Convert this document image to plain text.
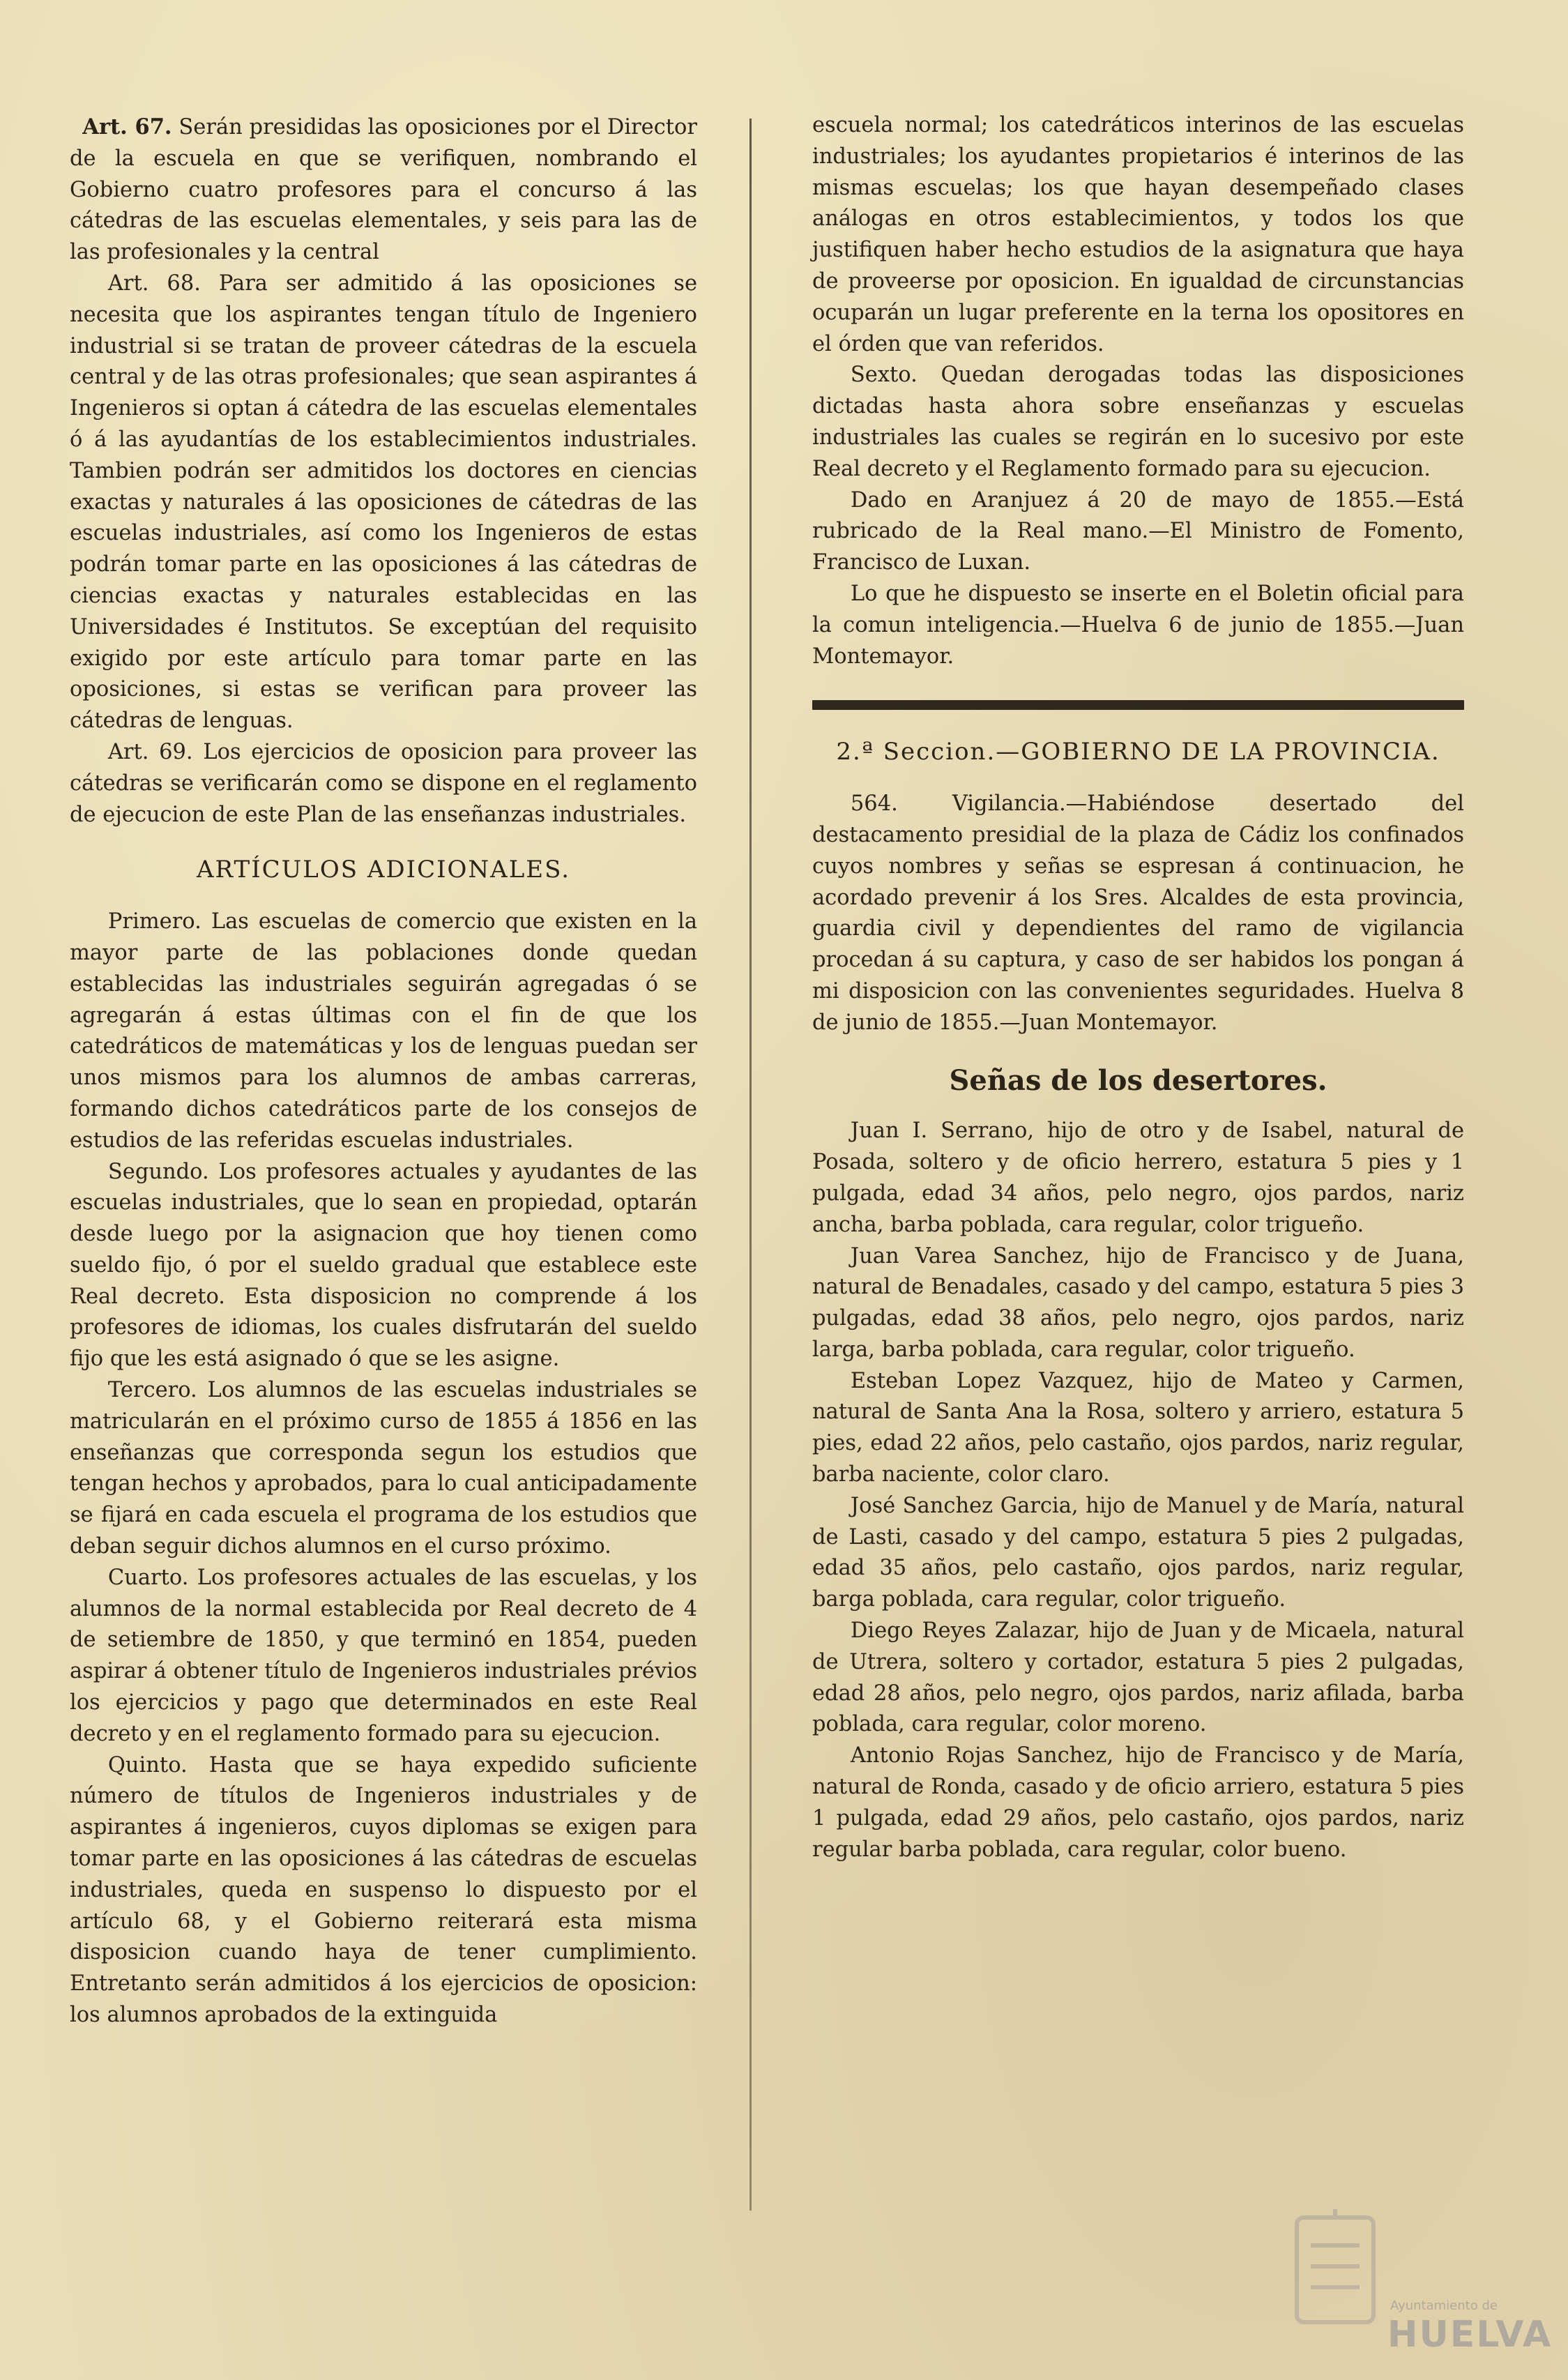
Art. 67. Serán presididas las oposiciones por el Director de la escuela en que se verifiquen, nombrando el Gobierno cuatro profesores para el concurso á las cátedras de las escuelas elementales, y seis para las de las profesionales y la central

Art. 68. Para ser admitido á las oposiciones se necesita que los aspirantes tengan título de Ingeniero industrial si se tratan de proveer cátedras de la escuela central y de las otras profesionales; que sean aspirantes á Ingenieros si optan á cátedra de las escuelas elementales ó á las ayudantías de los establecimientos industriales. Tambien podrán ser admitidos los doctores en ciencias exactas y naturales á las oposiciones de cátedras de las escuelas industriales, así como los Ingenieros de estas podrán tomar parte en las oposiciones á las cátedras de ciencias exactas y naturales establecidas en las Universidades é Institutos. Se exceptúan del requisito exigido por este artículo para tomar parte en las oposiciones, si estas se verifican para proveer las cátedras de lenguas.

Art. 69. Los ejercicios de oposicion para proveer las cátedras se verificarán como se dispone en el reglamento de ejecucion de este Plan de las enseñanzas industriales.

ARTÍCULOS ADICIONALES.

Primero. Las escuelas de comercio que existen en la mayor parte de las poblaciones donde quedan establecidas las industriales seguirán agregadas ó se agregarán á estas últimas con el fin de que los catedráticos de matemáticas y los de lenguas puedan ser unos mismos para los alumnos de ambas carreras, formando dichos catedráticos parte de los consejos de estudios de las referidas escuelas industriales.

Segundo. Los profesores actuales y ayudantes de las escuelas industriales, que lo sean en propiedad, optarán desde luego por la asignacion que hoy tienen como sueldo fijo, ó por el sueldo gradual que establece este Real decreto. Esta disposicion no comprende á los profesores de idiomas, los cuales disfrutarán del sueldo fijo que les está asignado ó que se les asigne.

Tercero. Los alumnos de las escuelas industriales se matricularán en el próximo curso de 1855 á 1856 en las enseñanzas que corresponda segun los estudios que tengan hechos y aprobados, para lo cual anticipadamente se fijará en cada escuela el programa de los estudios que deban seguir dichos alumnos en el curso próximo.

Cuarto. Los profesores actuales de las escuelas, y los alumnos de la normal establecida por Real decreto de 4 de setiembre de 1850, y que terminó en 1854, pueden aspirar á obtener título de Ingenieros industriales prévios los ejercicios y pago que determinados en este Real decreto y en el reglamento formado para su ejecucion.

Quinto. Hasta que se haya expedido suficiente número de títulos de Ingenieros industriales y de aspirantes á ingenieros, cuyos diplomas se exigen para tomar parte en las oposiciones á las cátedras de escuelas industriales, queda en suspenso lo dispuesto por el artículo 68, y el Gobierno reiterará esta misma disposicion cuando haya de tener cumplimiento. Entretanto serán admitidos á los ejercicios de oposicion: los alumnos aprobados de la extinguida

escuela normal; los catedráticos interinos de las escuelas industriales; los ayudantes propietarios é interinos de las mismas escuelas; los que hayan desempeñado clases análogas en otros establecimientos, y todos los que justifiquen haber hecho estudios de la asignatura que haya de proveerse por oposicion. En igualdad de circunstancias ocuparán un lugar preferente en la terna los opositores en el órden que van referidos.

Sexto. Quedan derogadas todas las disposiciones dictadas hasta ahora sobre enseñanzas y escuelas industriales las cuales se regirán en lo sucesivo por este Real decreto y el Reglamento formado para su ejecucion.

Dado en Aranjuez á 20 de mayo de 1855.—Está rubricado de la Real mano.—El Ministro de Fomento, Francisco de Luxan.

Lo que he dispuesto se inserte en el Boletin oficial para la comun inteligencia.—Huelva 6 de junio de 1855.—Juan Montemayor.

2.ª Seccion.—GOBIERNO DE LA PROVINCIA.

564.	Vigilancia.—Habiéndose desertado del destacamento presidial de la plaza de Cádiz los confinados cuyos nombres y señas se espresan á continuacion, he acordado prevenir á los Sres. Alcaldes de esta provincia, guardia civil y dependientes del ramo de vigilancia procedan á su captura, y caso de ser habidos los pongan á mi disposicion con las convenientes seguridades. Huelva 8 de junio de 1855.—Juan Montemayor.

Señas de los desertores.

Juan I. Serrano, hijo de otro y de Isabel, natural de Posada, soltero y de oficio herrero, estatura 5 pies y 1 pulgada, edad 34 años, pelo negro, ojos pardos, nariz ancha, barba poblada, cara regular, color trigueño.

Juan Varea Sanchez, hijo de Francisco y de Juana, natural de Benadales, casado y del campo, estatura 5 pies 3 pulgadas, edad 38 años, pelo negro, ojos pardos, nariz larga, barba poblada, cara regular, color trigueño.

Esteban Lopez Vazquez, hijo de Mateo y Carmen, natural de Santa Ana la Rosa, soltero y arriero, estatura 5 pies, edad 22 años, pelo castaño, ojos pardos, nariz regular, barba naciente, color claro.

José Sanchez Garcia, hijo de Manuel y de María, natural de Lasti, casado y del campo, estatura 5 pies 2 pulgadas, edad 35 años, pelo castaño, ojos pardos, nariz regular, barga poblada, cara regular, color trigueño.

Diego Reyes Zalazar, hijo de Juan y de Micaela, natural de Utrera, soltero y cortador, estatura 5 pies 2 pulgadas, edad 28 años, pelo negro, ojos pardos, nariz afilada, barba poblada, cara regular, color moreno.

Antonio Rojas Sanchez, hijo de Francisco y de María, natural de Ronda, casado y de oficio arriero, estatura 5 pies 1 pulgada, edad 29 años, pelo castaño, ojos pardos, nariz regular barba poblada, cara regular, color bueno.

Ayuntamiento de
HUELVA
